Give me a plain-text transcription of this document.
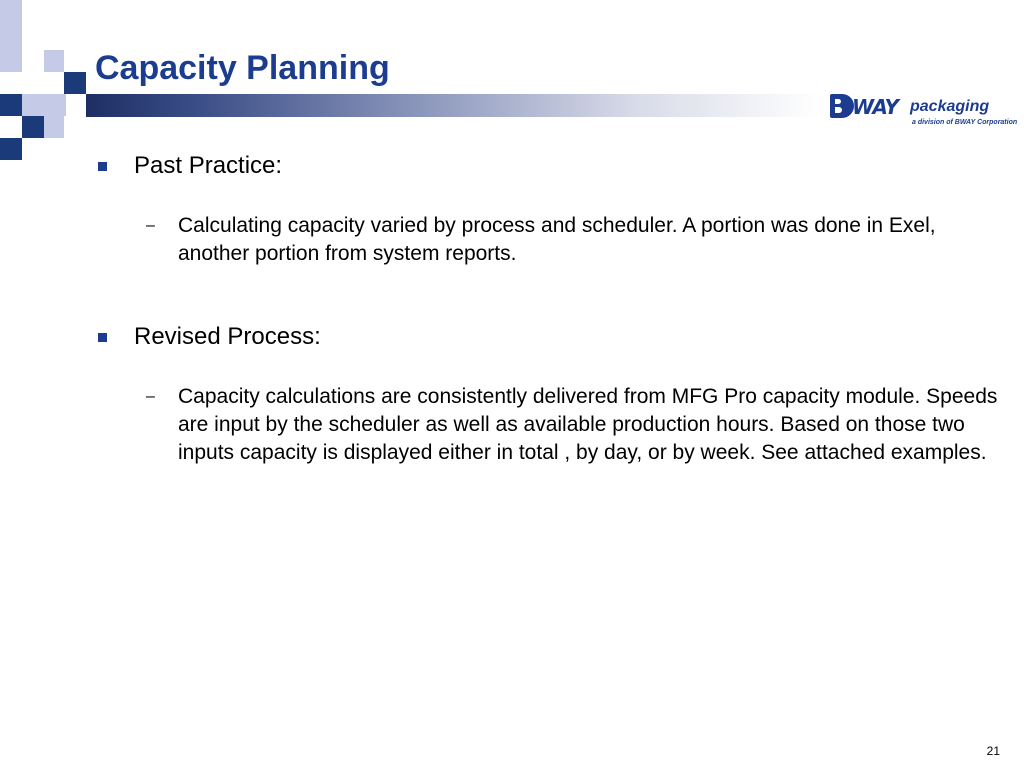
Capacity Planning
WAY packaging
a division of BWAY Corporation
Past Practice:
– Calculating capacity varied by process and scheduler. A portion was done in Exel, another portion from system reports.
Revised Process:
– Capacity calculations are consistently delivered from MFG Pro capacity module. Speeds are input by the scheduler as well as available production hours. Based on those two inputs capacity is displayed either in total , by day, or by week. See attached examples.
21
